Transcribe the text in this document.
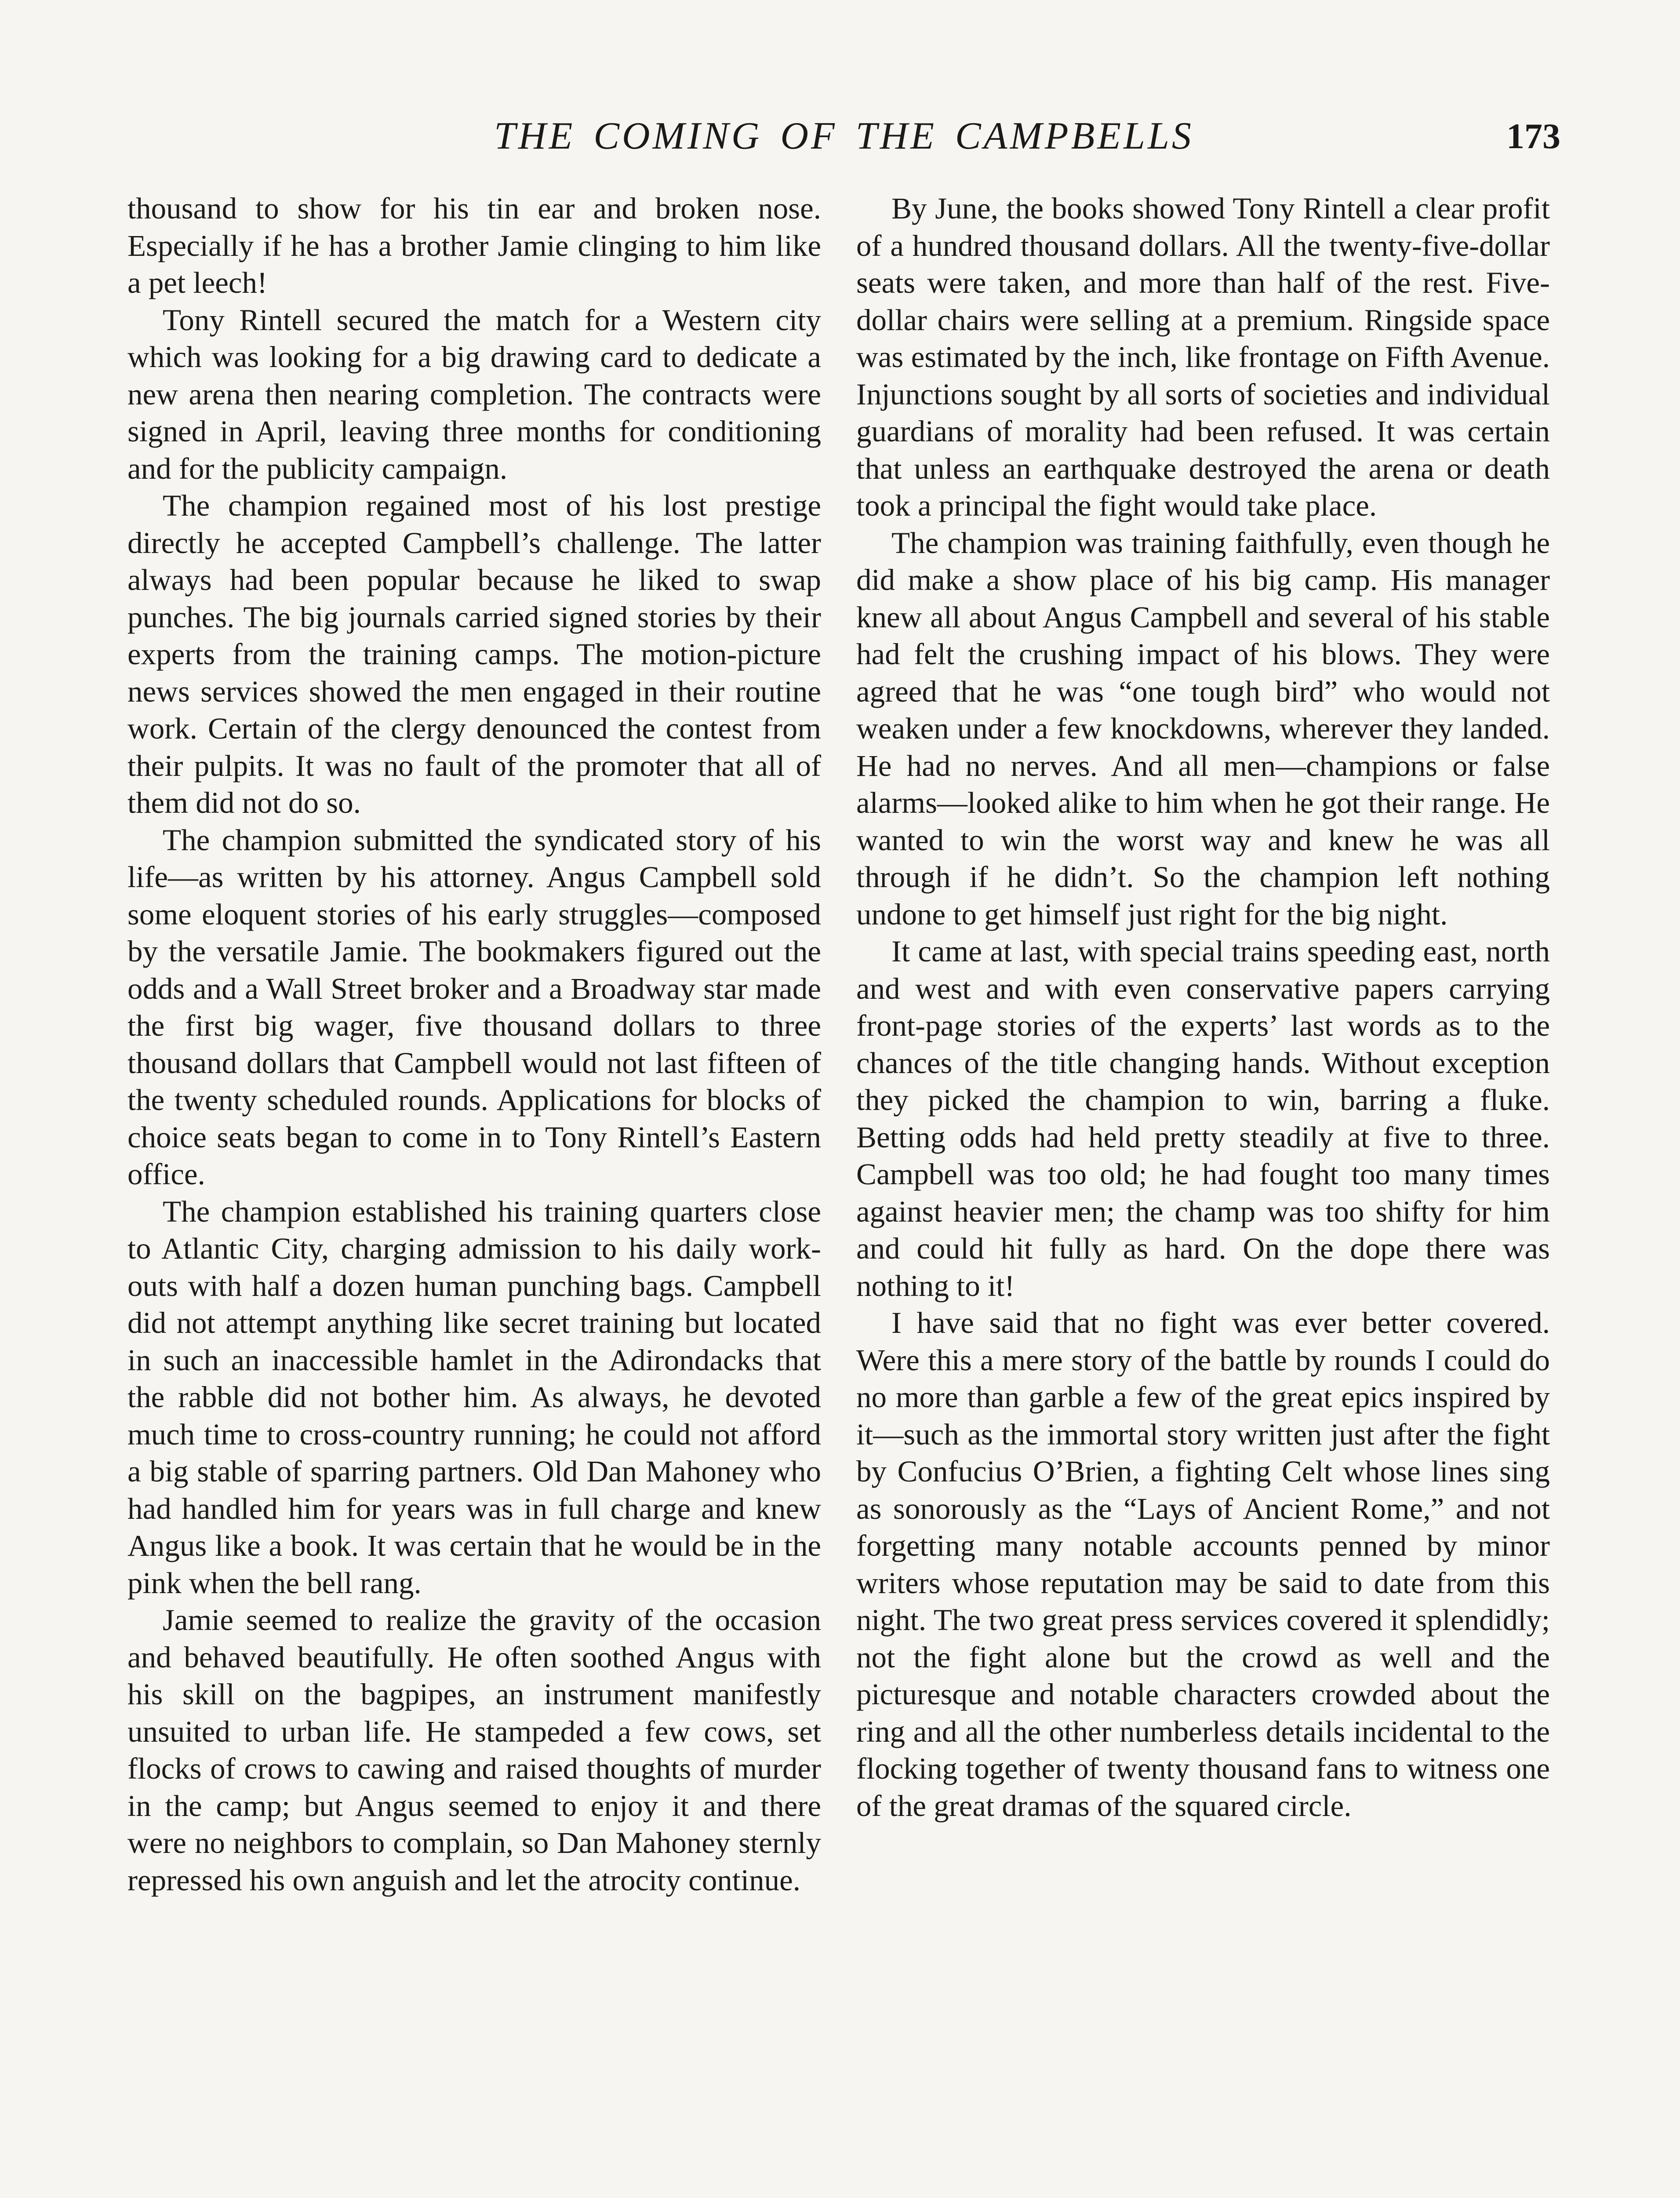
THE COMING OF THE CAMPBELLS	173

thousand to show for his tin ear and broken nose. Especially if he has a brother Jamie clinging to him like a pet leech!

Tony Rintell secured the match for a Western city which was looking for a big drawing card to dedicate a new arena then nearing completion. The contracts were signed in April, leaving three months for conditioning and for the publicity campaign.

The champion regained most of his lost prestige directly he accepted Campbell’s challenge. The latter always had been popular because he liked to swap punches. The big journals carried signed stories by their experts from the training camps. The motion-picture news services showed the men engaged in their routine work. Certain of the clergy denounced the contest from their pulpits. It was no fault of the promoter that all of them did not do so.

The champion submitted the syndicated story of his life—as written by his attorney. Angus Campbell sold some eloquent stories of his early struggles—composed by the versatile Jamie. The bookmakers figured out the odds and a Wall Street broker and a Broadway star made the first big wager, five thousand dollars to three thousand dollars that Campbell would not last fifteen of the twenty scheduled rounds. Applications for blocks of choice seats began to come in to Tony Rintell’s Eastern office.

The champion established his training quarters close to Atlantic City, charging admission to his daily work-outs with half a dozen human punching bags. Campbell did not attempt anything like secret training but located in such an inaccessible hamlet in the Adirondacks that the rabble did not bother him. As always, he devoted much time to cross-country running; he could not afford a big stable of sparring partners. Old Dan Mahoney who had handled him for years was in full charge and knew Angus like a book. It was certain that he would be in the pink when the bell rang.

Jamie seemed to realize the gravity of the occasion and behaved beautifully. He often soothed Angus with his skill on the bagpipes, an instrument manifestly unsuited to urban life. He stampeded a few cows, set flocks of crows to cawing and raised thoughts of murder in the camp; but Angus seemed to enjoy it and there were no neighbors to complain, so Dan Mahoney sternly repressed his own anguish and let the atrocity continue.

By June, the books showed Tony Rintell a clear profit of a hundred thousand dollars. All the twenty-five-dollar seats were taken, and more than half of the rest. Five-dollar chairs were selling at a premium. Ringside space was estimated by the inch, like frontage on Fifth Avenue. Injunctions sought by all sorts of societies and individual guardians of morality had been refused. It was certain that unless an earthquake destroyed the arena or death took a principal the fight would take place.

The champion was training faithfully, even though he did make a show place of his big camp. His manager knew all about Angus Campbell and several of his stable had felt the crushing impact of his blows. They were agreed that he was “one tough bird” who would not weaken under a few knockdowns, wherever they landed. He had no nerves. And all men—champions or false alarms—looked alike to him when he got their range. He wanted to win the worst way and knew he was all through if he didn’t. So the champion left nothing undone to get himself just right for the big night.

It came at last, with special trains speeding east, north and west and with even conservative papers carrying front-page stories of the experts’ last words as to the chances of the title changing hands. Without exception they picked the champion to win, barring a fluke. Betting odds had held pretty steadily at five to three. Campbell was too old; he had fought too many times against heavier men; the champ was too shifty for him and could hit fully as hard. On the dope there was nothing to it!

I have said that no fight was ever better covered. Were this a mere story of the battle by rounds I could do no more than garble a few of the great epics inspired by it—such as the immortal story written just after the fight by Confucius O’Brien, a fighting Celt whose lines sing as sonorously as the “Lays of Ancient Rome,” and not forgetting many notable accounts penned by minor writers whose reputation may be said to date from this night. The two great press services covered it splendidly; not the fight alone but the crowd as well and the picturesque and notable characters crowded about the ring and all the other numberless details incidental to the flocking together of twenty thousand fans to witness one of the great dramas of the squared circle.
